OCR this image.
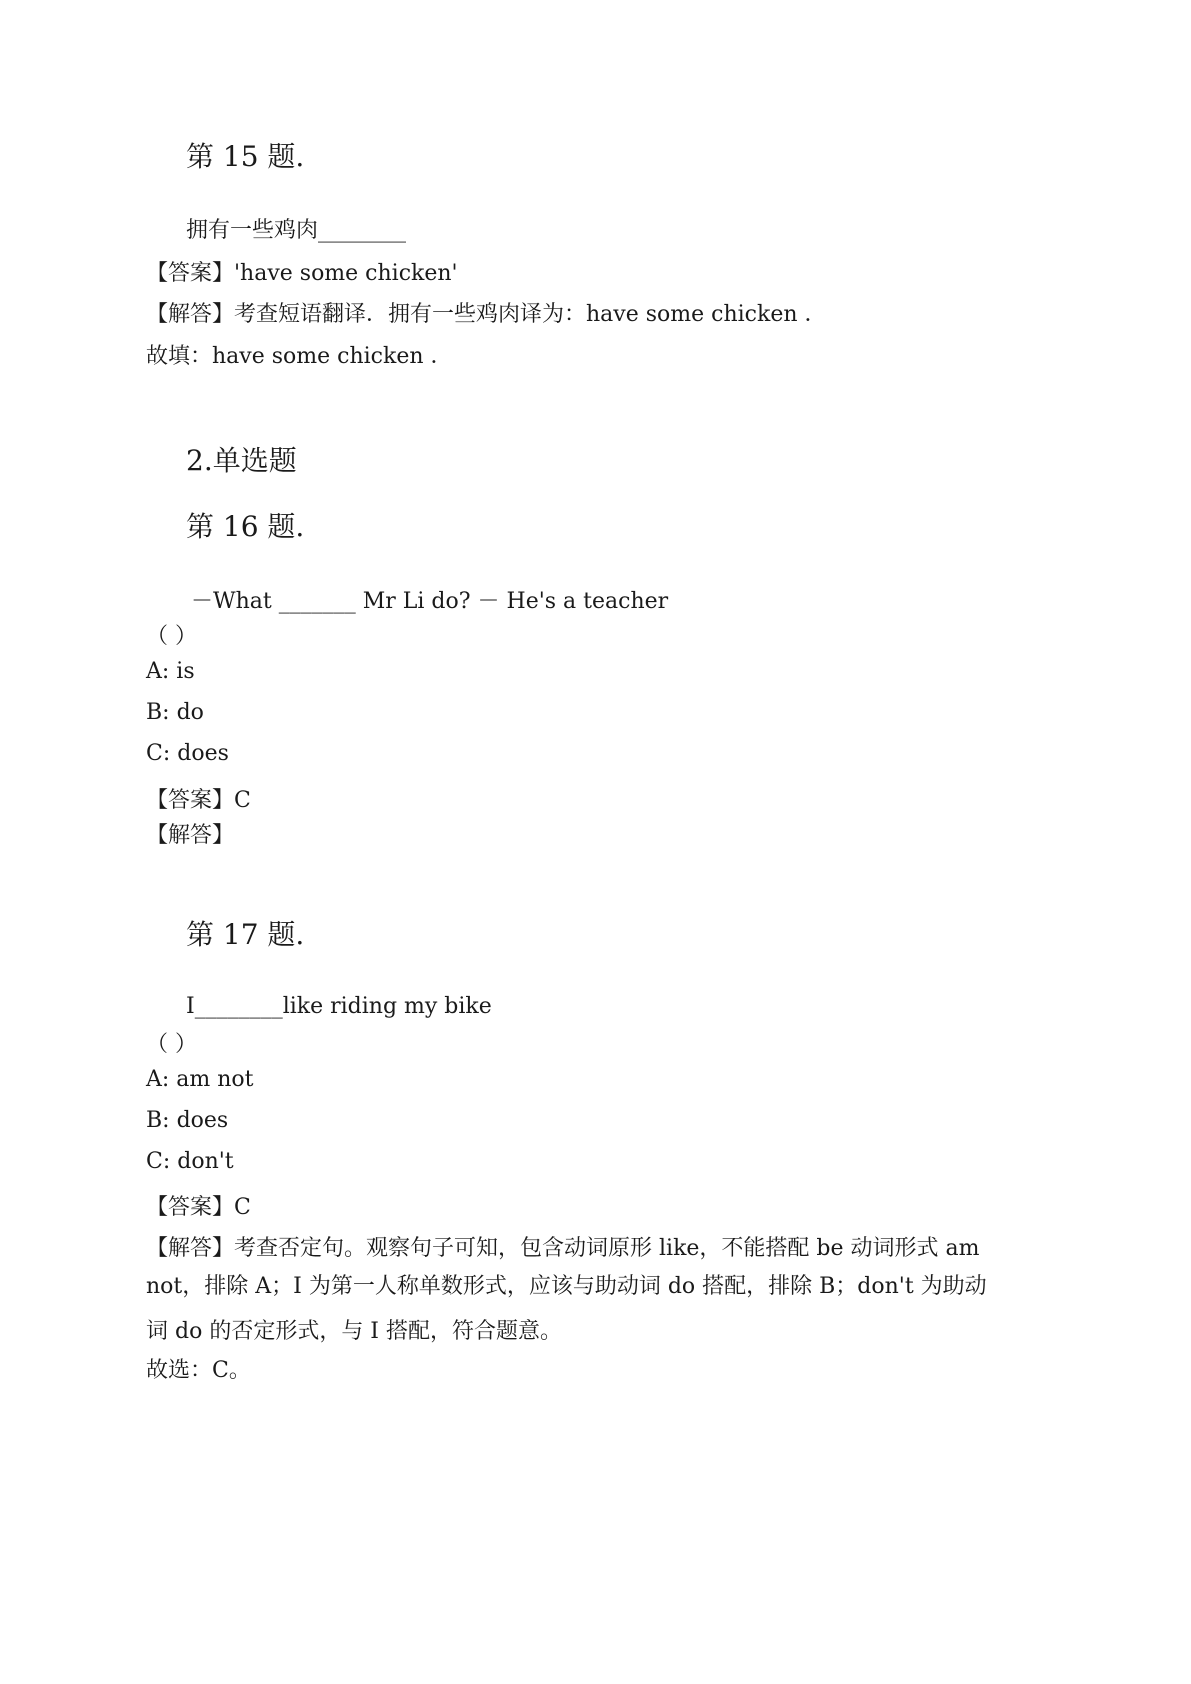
第 15 题.
拥有一些鸡肉________
【答案】'have some chicken'
【解答】考查短语翻译．拥有一些鸡肉译为：have some chicken ．
故填：have some chicken ．
2.单选题
第 16 题.
－What _______ Mr Li do? － He's a teacher
（ ）
A: is
B: do
C: does
【答案】C
【解答】
第 17 题.
I________like riding my bike
（ ）
A: am not
B: does
C: don't
【答案】C
【解答】考查否定句。观察句子可知，包含动词原形 like，不能搭配 be 动词形式 am
not，排除 A；I 为第一人称单数形式，应该与助动词 do 搭配，排除 B；don't 为助动
词 do 的否定形式，与 I 搭配，符合题意。
故选：C。
